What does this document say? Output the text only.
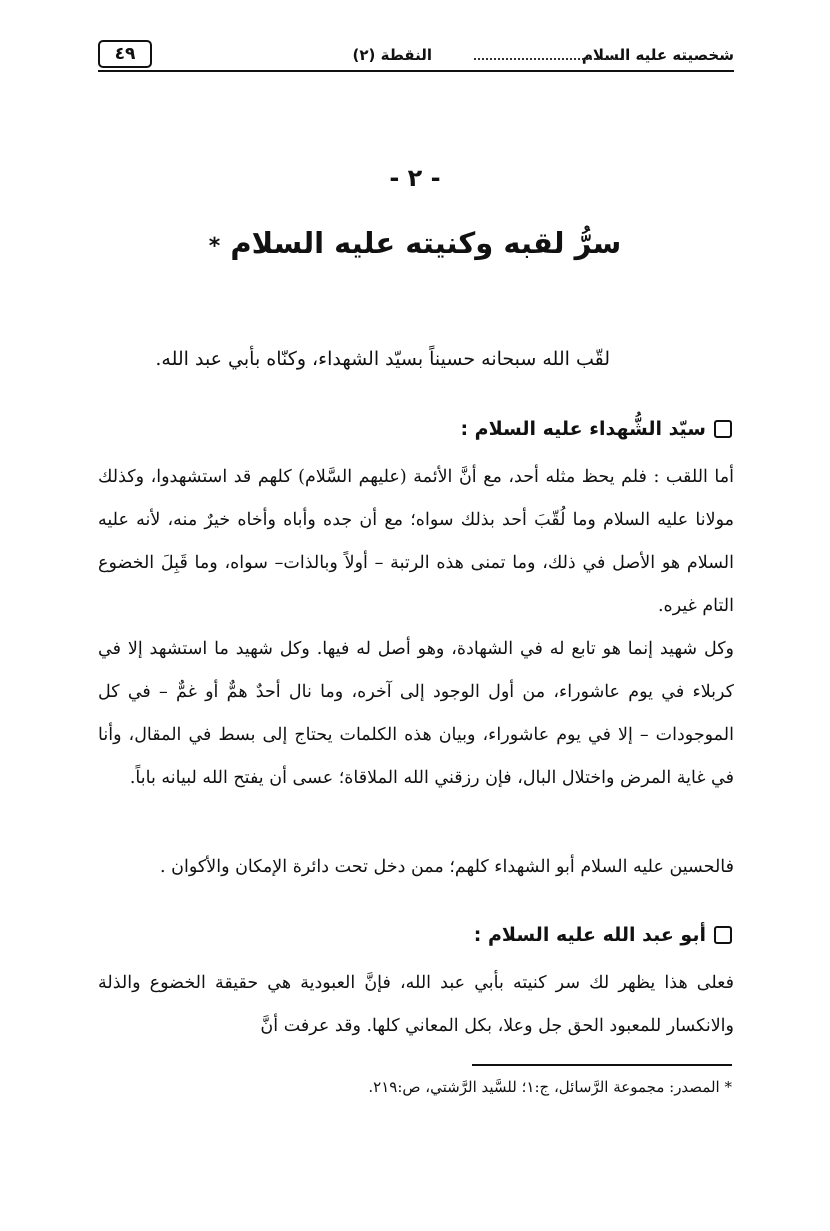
شخصيته عليه السلام
النقطة (٢)
٤٩
- ٢ -
سرُّ لقبه وكنيته عليه السلام *
لقّب الله سبحانه حسيناً بسيّد الشهداء، وكنّاه بأبي عبد الله.
سيّد الشُّهداء عليه السلام :

أما اللقب : فلم يحظ مثله أحد، مع أنَّ الأئمة (عليهم السَّلام) كلهم قد استشهدوا، وكذلك مولانا عليه السلام وما لُقّبَ أحد بذلك سواه؛ مع أن جده وأباه وأخاه خيرٌ منه، لأنه عليه السلام هو الأصل في ذلك، وما تمنى هذه الرتبة – أولاً وبالذات– سواه، وما قَبِلَ الخضوع التام غيره.

وكل شهيد إنما هو تابع له في الشهادة، وهو أصل له فيها. وكل شهيد ما استشهد إلا في كربلاء في يوم عاشوراء، من أول الوجود إلى آخره، وما نال أحدٌ همٌّ أو غمٌّ – في كل الموجودات – إلا في يوم عاشوراء، وبيان هذه الكلمات يحتاج إلى بسط في المقال، وأنا في غاية المرض واختلال البال، فإن رزقني الله الملاقاة؛ عسى أن يفتح الله لبيانه باباً.

فالحسين عليه السلام أبو الشهداء كلهم؛ ممن دخل تحت دائرة الإمكان والأكوان .

أبو عبد الله عليه السلام :

فعلى هذا يظهر لك سر كنيته بأبي عبد الله، فإنَّ العبودية هي حقيقة الخضوع والذلة والانكسار للمعبود الحق جل وعلا، بكل المعاني كلها. وقد عرفت أنَّ

* المصدر: مجموعة الرَّسائل، ج:١؛ للسَّيد الرَّشتي، ص:٢١٩.
